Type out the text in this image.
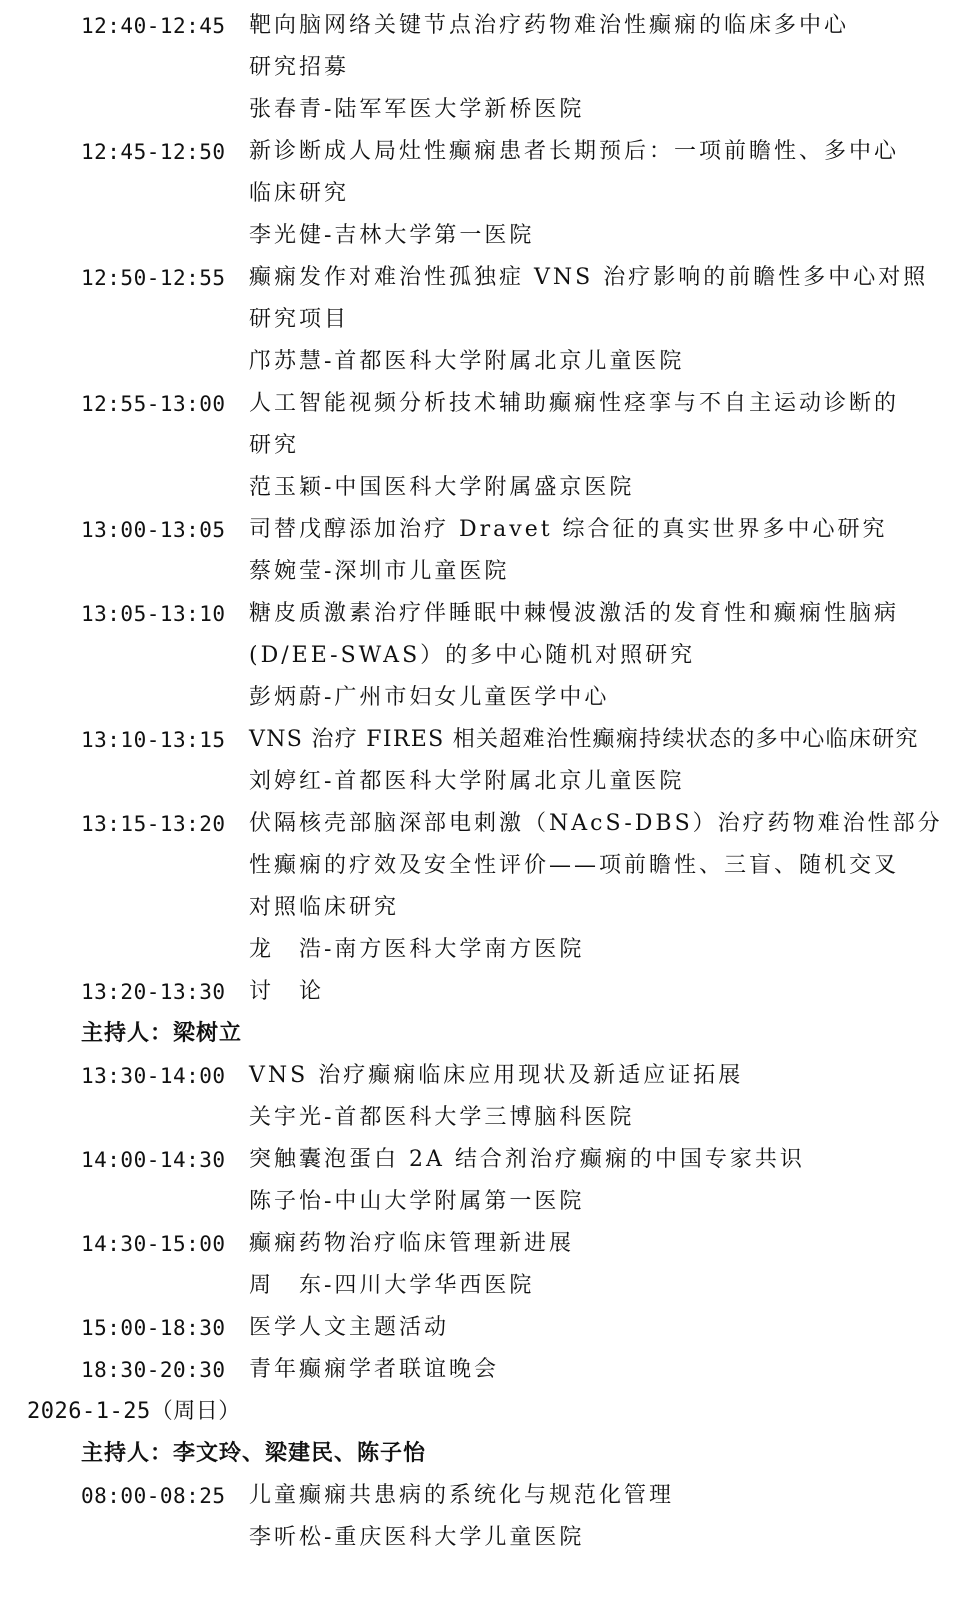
12:40-12:45 靶向脑网络关键节点治疗药物难治性癫痫的临床多中心
研究招募
张春青-陆军军医大学新桥医院
12:45-12:50 新诊断成人局灶性癫痫患者长期预后：一项前瞻性、多中心
临床研究
李光健-吉林大学第一医院
12:50-12:55 癫痫发作对难治性孤独症 VNS 治疗影响的前瞻性多中心对照
研究项目
邝苏慧-首都医科大学附属北京儿童医院
12:55-13:00 人工智能视频分析技术辅助癫痫性痉挛与不自主运动诊断的
研究
范玉颖-中国医科大学附属盛京医院
13:00-13:05 司替戊醇添加治疗 Dravet 综合征的真实世界多中心研究
蔡婉莹-深圳市儿童医院
13:05-13:10 糖皮质激素治疗伴睡眠中棘慢波激活的发育性和癫痫性脑病
(D/EE-SWAS）的多中心随机对照研究
彭炳蔚-广州市妇女儿童医学中心
13:10-13:15 VNS 治疗 FIRES 相关超难治性癫痫持续状态的多中心临床研究
刘婷红-首都医科大学附属北京儿童医院
13:15-13:20 伏隔核壳部脑深部电刺激（NAcS-DBS）治疗药物难治性部分
性癫痫的疗效及安全性评价——项前瞻性、三盲、随机交叉
对照临床研究
龙　浩-南方医科大学南方医院
13:20-13:30 讨　论
主持人：梁树立
13:30-14:00 VNS 治疗癫痫临床应用现状及新适应证拓展
关宇光-首都医科大学三博脑科医院
14:00-14:30 突触囊泡蛋白 2A 结合剂治疗癫痫的中国专家共识
陈子怡-中山大学附属第一医院
14:30-15:00 癫痫药物治疗临床管理新进展
周　东-四川大学华西医院
15:00-18:30 医学人文主题活动
18:30-20:30 青年癫痫学者联谊晚会
2026-1-25（周日）
主持人：李文玲、梁建民、陈子怡
08:00-08:25 儿童癫痫共患病的系统化与规范化管理
李听松-重庆医科大学儿童医院
